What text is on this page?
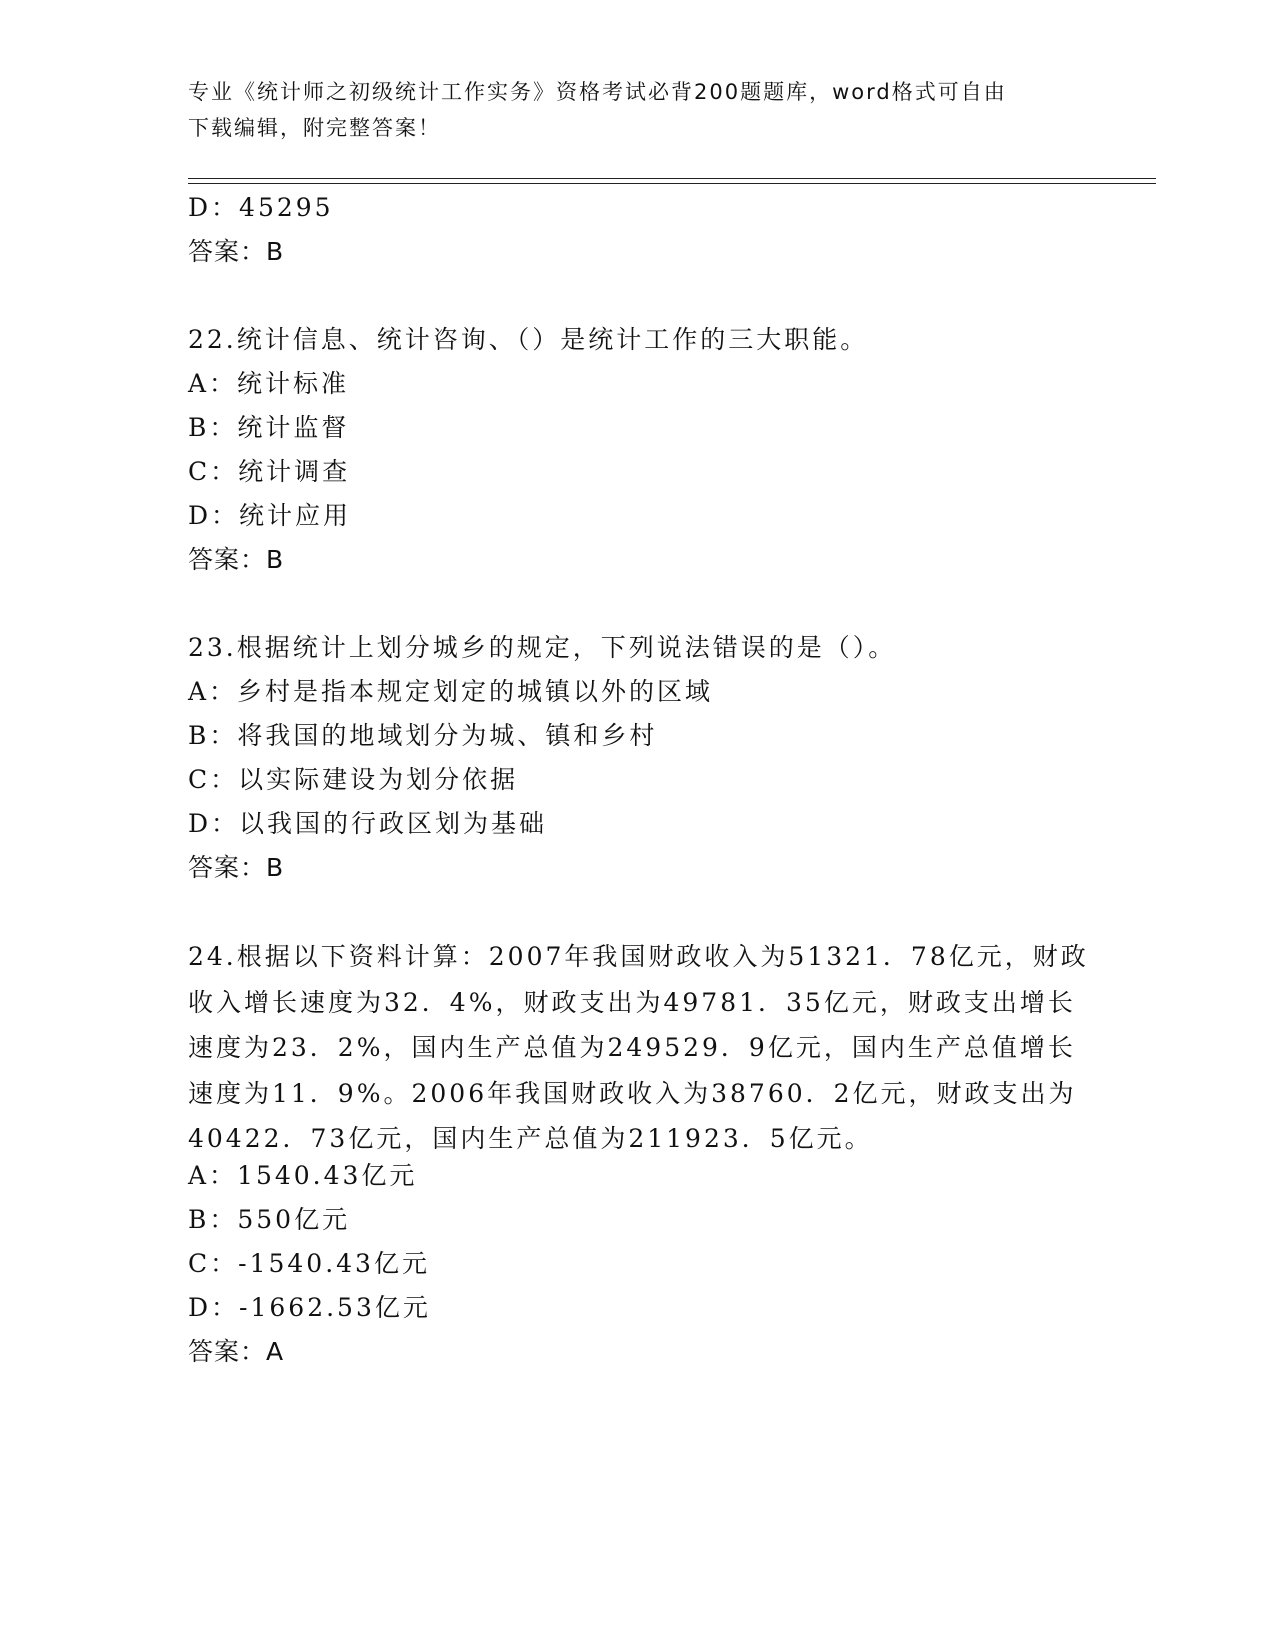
专业《统计师之初级统计工作实务》资格考试必背200题题库，word格式可自由
下载编辑，附完整答案！
D：45295
答案：B
22.统计信息、统计咨询、（）是统计工作的三大职能。
A：统计标准
B：统计监督
C：统计调查
D：统计应用
答案：B
23.根据统计上划分城乡的规定，下列说法错误的是（）。
A：乡村是指本规定划定的城镇以外的区域
B：将我国的地域划分为城、镇和乡村
C：以实际建设为划分依据
D：以我国的行政区划为基础
答案：B
24.根据以下资料计算：2007年我国财政收入为51321．78亿元，财政
收入增长速度为32．4%，财政支出为49781．35亿元，财政支出增长
速度为23．2%，国内生产总值为249529．9亿元，国内生产总值增长
速度为11．9%。2006年我国财政收入为38760．2亿元，财政支出为
40422．73亿元，国内生产总值为211923．5亿元。
A：1540.43亿元
B：550亿元
C：-1540.43亿元
D：-1662.53亿元
答案：A
